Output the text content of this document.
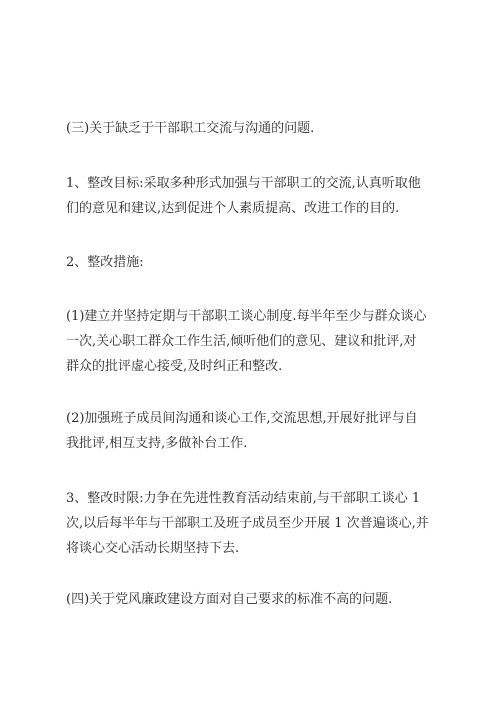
(三)关于缺乏于干部职工交流与沟通的问题.

1、整改目标:采取多种形式加强与干部职工的交流,认真听取他
们的意见和建议,达到促进个人素质提高、改进工作的目的.

2、整改措施:

(1)建立并坚持定期与干部职工谈心制度.每半年至少与群众谈心
一次,关心职工群众工作生活,倾听他们的意见、建议和批评,对
群众的批评虚心接受,及时纠正和整改.

(2)加强班子成员间沟通和谈心工作,交流思想,开展好批评与自
我批评,相互支持,多做补台工作.

3、整改时限:力争在先进性教育活动结束前,与干部职工谈心 1
次,以后每半年与干部职工及班子成员至少开展 1 次普遍谈心,并
将谈心交心活动长期坚持下去.

(四)关于党风廉政建设方面对自己要求的标准不高的问题.
